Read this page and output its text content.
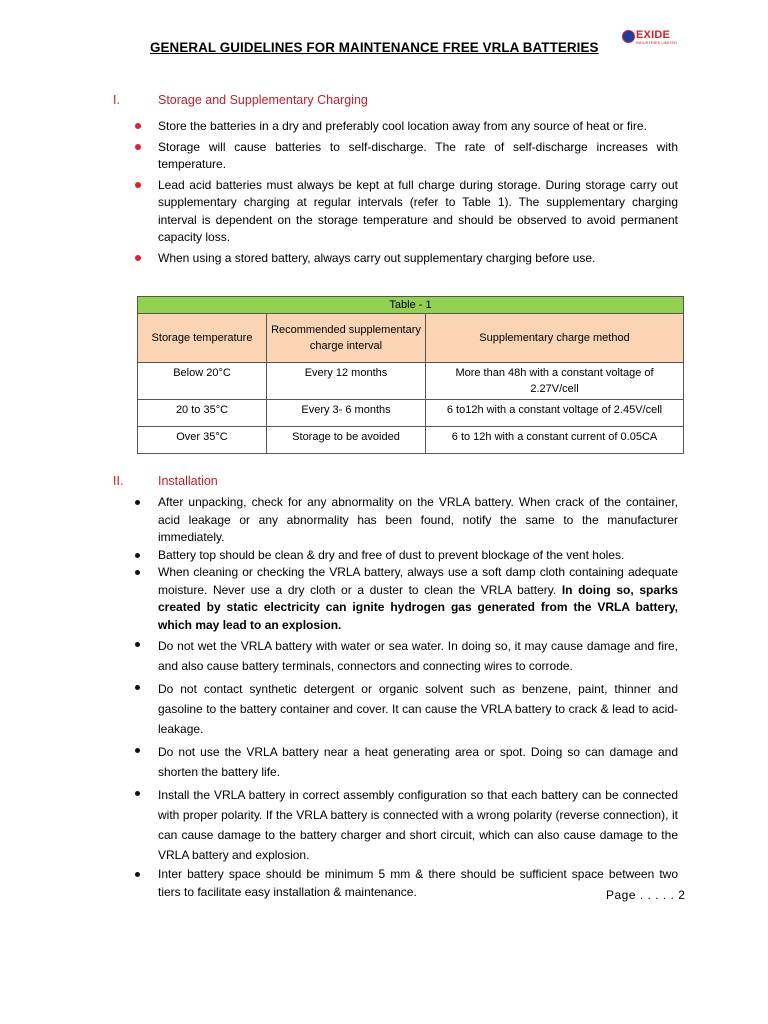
EXIDE
INDUSTRIES LIMITED
GENERAL GUIDELINES FOR MAINTENANCE FREE VRLA BATTERIES
I.	Storage and Supplementary Charging
Store the batteries in a dry and preferably cool location away from any source of heat or fire.
Storage will cause batteries to self-discharge. The rate of self-discharge increases with temperature.
Lead acid batteries must always be kept at full charge during storage. During storage carry out supplementary charging at regular intervals (refer to Table 1). The supplementary charging interval is dependent on the storage temperature and should be observed to avoid permanent capacity loss.
When using a stored battery, always carry out supplementary charging before use.
Table - 1		
Storage temperature	Recommended supplementary charge interval	Supplementary charge method
Below 20°C	Every 12 months	More than 48h with a constant voltage of 2.27V/cell
20 to 35°C	Every 3- 6 months	6 to12h with a constant voltage of 2.45V/cell
Over 35°C	Storage to be avoided	6 to 12h with a constant current of 0.05CA
II.	Installation
After unpacking, check for any abnormality on the VRLA battery. When crack of the container, acid leakage or any abnormality has been found, notify the same to the manufacturer immediately.
Battery top should be clean & dry and free of dust to prevent blockage of the vent holes.
When cleaning or checking the VRLA battery, always use a soft damp cloth containing adequate moisture. Never use a dry cloth or a duster to clean the VRLA battery. In doing so, sparks created by static electricity can ignite hydrogen gas generated from the VRLA battery, which may lead to an explosion.
Do not wet the VRLA battery with water or sea water. In doing so, it may cause damage and fire, and also cause battery terminals, connectors and connecting wires to corrode.
Do not contact synthetic detergent or organic solvent such as benzene, paint, thinner and gasoline to the battery container and cover. It can cause the VRLA battery to crack & lead to acid-leakage.
Do not use the VRLA battery near a heat generating area or spot. Doing so can damage and shorten the battery life.
Install the VRLA battery in correct assembly configuration so that each battery can be connected with proper polarity. If the VRLA battery is connected with a wrong polarity (reverse connection), it can cause damage to the battery charger and short circuit, which can also cause damage to the VRLA battery and explosion.
Inter battery space should be minimum 5 mm & there should be sufficient space between two tiers to facilitate easy installation & maintenance.	Page . . . . . 2
